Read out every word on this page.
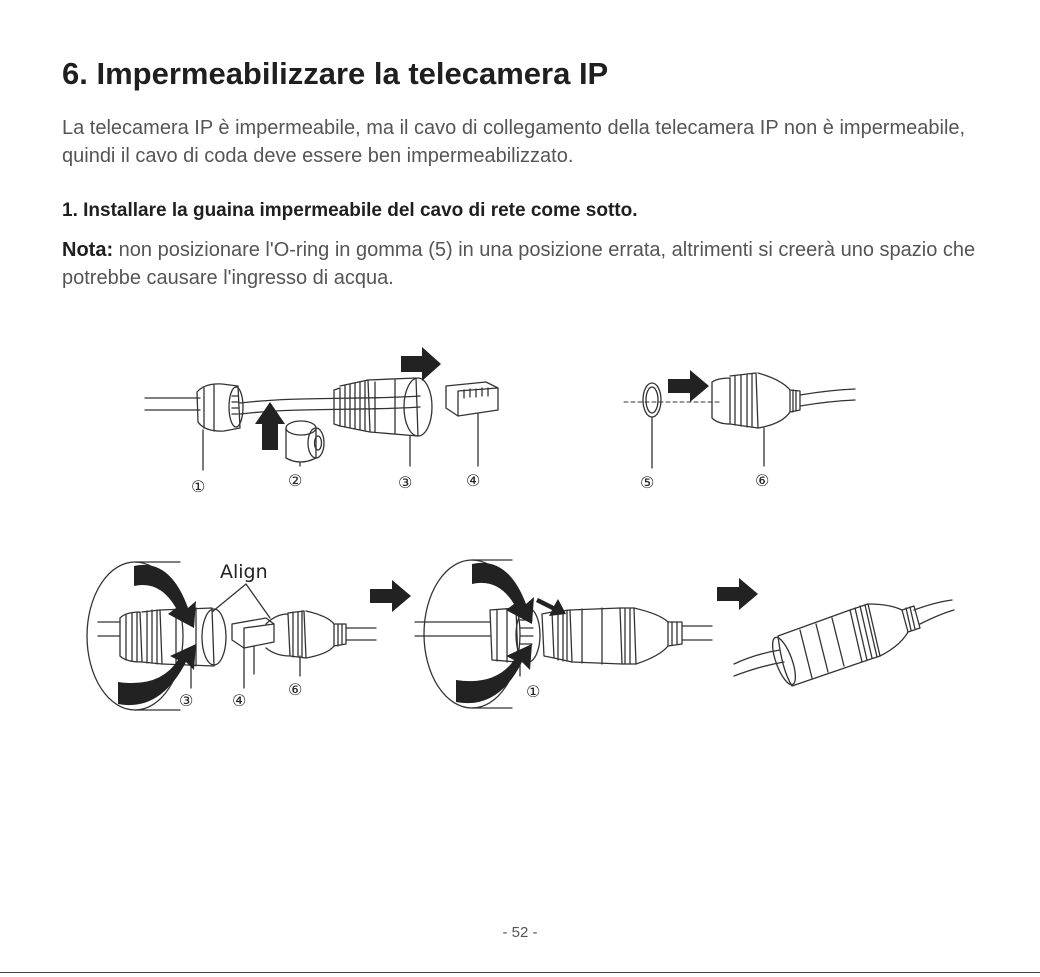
6. Impermeabilizzare la telecamera IP

La telecamera IP è impermeabile, ma il cavo di collegamento della telecamera IP non è impermeabile, quindi il cavo di coda deve essere ben impermeabilizzato.

1. Installare la guaina impermeabile del cavo di rete come sotto.

Nota: non posizionare l'O-ring in gomma (5) in una posizione errata, altrimenti si creerà uno spazio che potrebbe causare l'ingresso di acqua.

①	②	③	④	⑤	⑥
Align
③ ④
⑥	①
- 52 -
